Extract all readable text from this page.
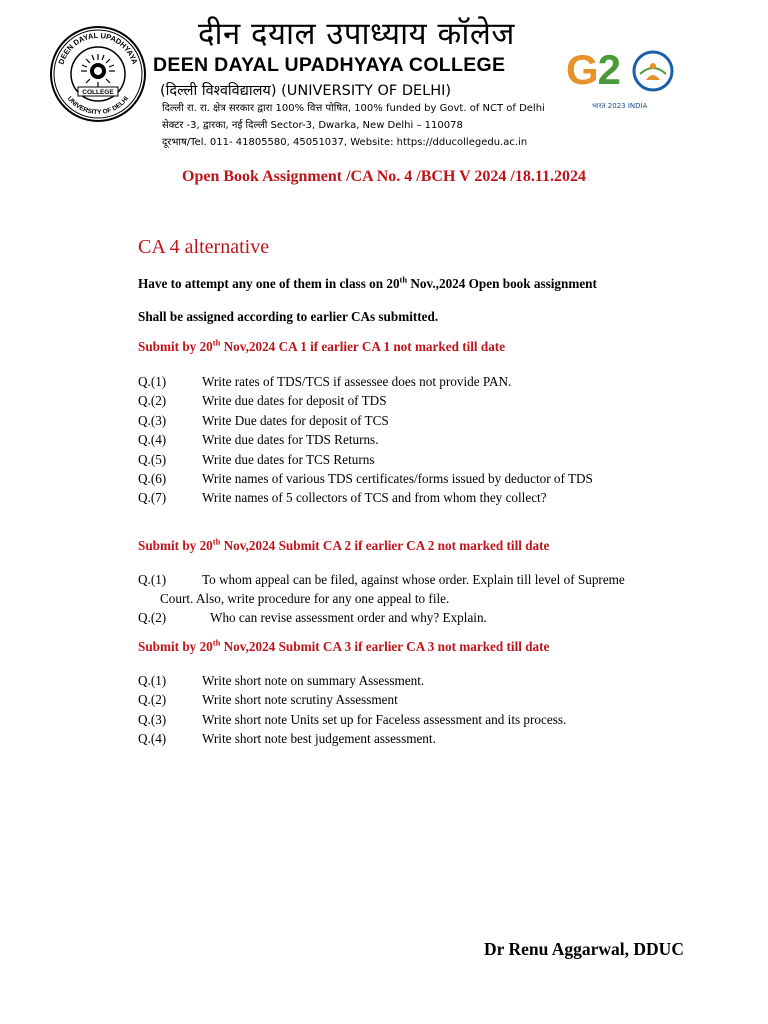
DEEN DAYAL UPADHYAYA
UNIVERSITY OF DELHI
COLLEGE
दीन दयाल उपाध्याय कॉलेज
DEEN DAYAL UPADHYAYA COLLEGE
(दिल्ली विश्वविद्यालय) (UNIVERSITY OF DELHI)
दिल्ली रा. रा. क्षेत्र सरकार द्वारा 100% वित्त पोषित, 100% funded by Govt. of NCT of Delhi
सेक्टर -3, द्वारका, नई दिल्ली Sector-3, Dwarka, New Delhi – 110078
दूरभाष/Tel. 011- 41805580, 45051037, Website: https://dducollegedu.ac.in
G2
भारत 2023 INDIA
Open Book Assignment /CA No. 4 /BCH V 2024 /18.11.2024
CA 4 alternative
Have to attempt any one of them in class on 20th Nov.,2024 Open book assignment
Shall be assigned according to earlier CAs submitted.
Submit by 20th Nov,2024 CA 1 if earlier CA 1 not marked till date
Q.(1)	Write rates of TDS/TCS if assessee does not provide PAN.
Q.(2)	Write due dates for deposit of TDS
Q.(3)	Write Due dates for deposit of TCS
Q.(4)	Write due dates for TDS Returns.
Q.(5)	Write due dates for TCS Returns
Q.(6)	Write names of various TDS certificates/forms issued by deductor of TDS
Q.(7)	Write names of 5 collectors of TCS and from whom they collect?
Submit by 20th Nov,2024 Submit CA 2 if earlier CA 2 not marked till date
Q.(1)	To whom appeal can be filed, against whose order. Explain till level of Supreme
Court. Also, write procedure for any one appeal to file.
Q.(2)	Who can revise assessment order and why? Explain.
Submit by 20th Nov,2024 Submit CA 3 if earlier CA 3 not marked till date
Q.(1)	Write short note on summary Assessment.
Q.(2)	Write short note scrutiny Assessment
Q.(3)	Write short note Units set up for Faceless assessment and its process.
Q.(4)	Write short note best judgement assessment.
Dr Renu Aggarwal, DDUC
